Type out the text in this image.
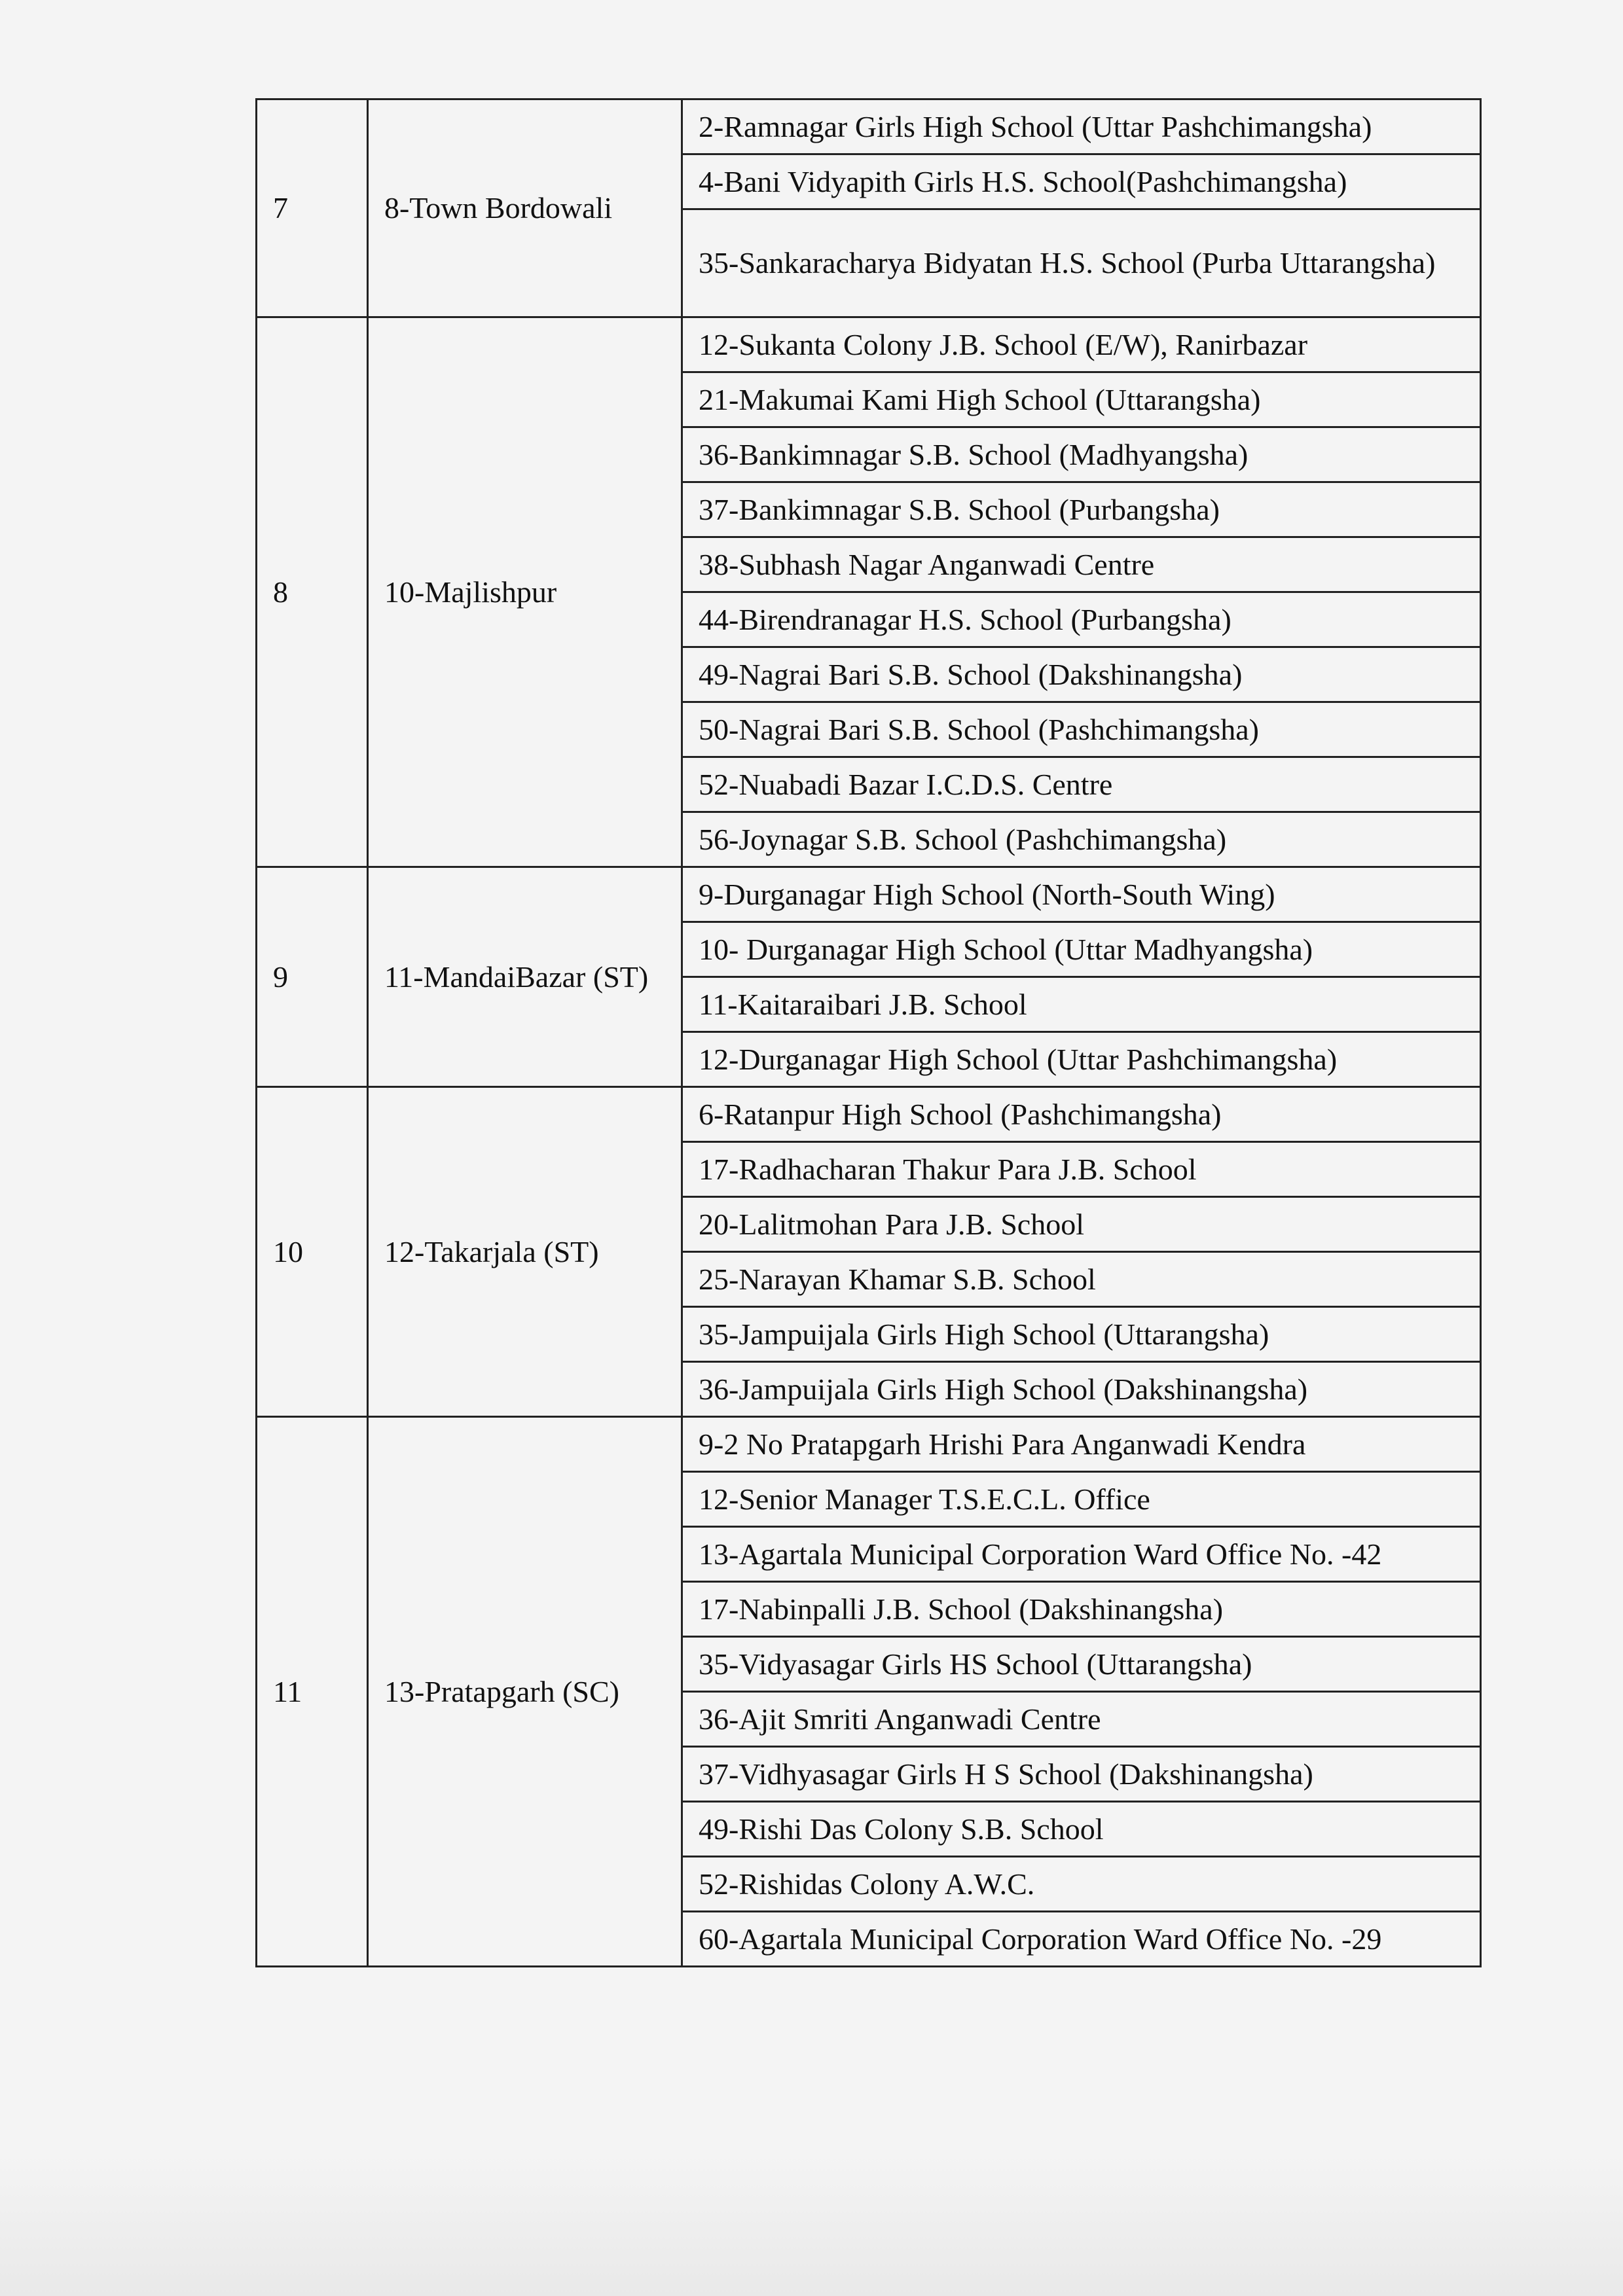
7	8-Town Bordowali	2-Ramnagar Girls High School (Uttar Pashchimangsha)
		4-Bani Vidyapith Girls H.S. School(Pashchimangsha)

		35-Sankaracharya Bidyatan H.S. School (Purba Uttarangsha)

8	10-Majlishpur	12-Sukanta Colony J.B. School (E/W), Ranirbazar
		21-Makumai Kami High School (Uttarangsha)
		36-Bankimnagar S.B. School (Madhyangsha)
		37-Bankimnagar S.B. School (Purbangsha)
		38-Subhash Nagar Anganwadi Centre
		44-Birendranagar H.S. School (Purbangsha)
		49-Nagrai Bari S.B. School (Dakshinangsha)
		50-Nagrai Bari S.B. School (Pashchimangsha)
		52-Nuabadi Bazar I.C.D.S. Centre
		56-Joynagar S.B. School (Pashchimangsha)
9	11-MandaiBazar (ST)	9-Durganagar High School (North-South Wing)
		10- Durganagar High School (Uttar Madhyangsha)
		11-Kaitaraibari J.B. School
		12-Durganagar High School (Uttar Pashchimangsha)
10	12-Takarjala (ST)	6-Ratanpur High School (Pashchimangsha)
		17-Radhacharan Thakur Para J.B. School
		20-Lalitmohan Para J.B. School
		25-Narayan Khamar S.B. School
		35-Jampuijala Girls High School (Uttarangsha)
		36-Jampuijala Girls High School (Dakshinangsha)
11	13-Pratapgarh (SC)	9-2 No Pratapgarh Hrishi Para Anganwadi Kendra
		12-Senior Manager T.S.E.C.L. Office
		13-Agartala Municipal Corporation Ward Office No. -42
		17-Nabinpalli J.B. School (Dakshinangsha)
		35-Vidyasagar Girls HS School (Uttarangsha)
		36-Ajit Smriti Anganwadi Centre
		37-Vidhyasagar Girls H S School (Dakshinangsha)
		49-Rishi Das Colony S.B. School
		52-Rishidas Colony A.W.C.
		60-Agartala Municipal Corporation Ward Office No. -29
